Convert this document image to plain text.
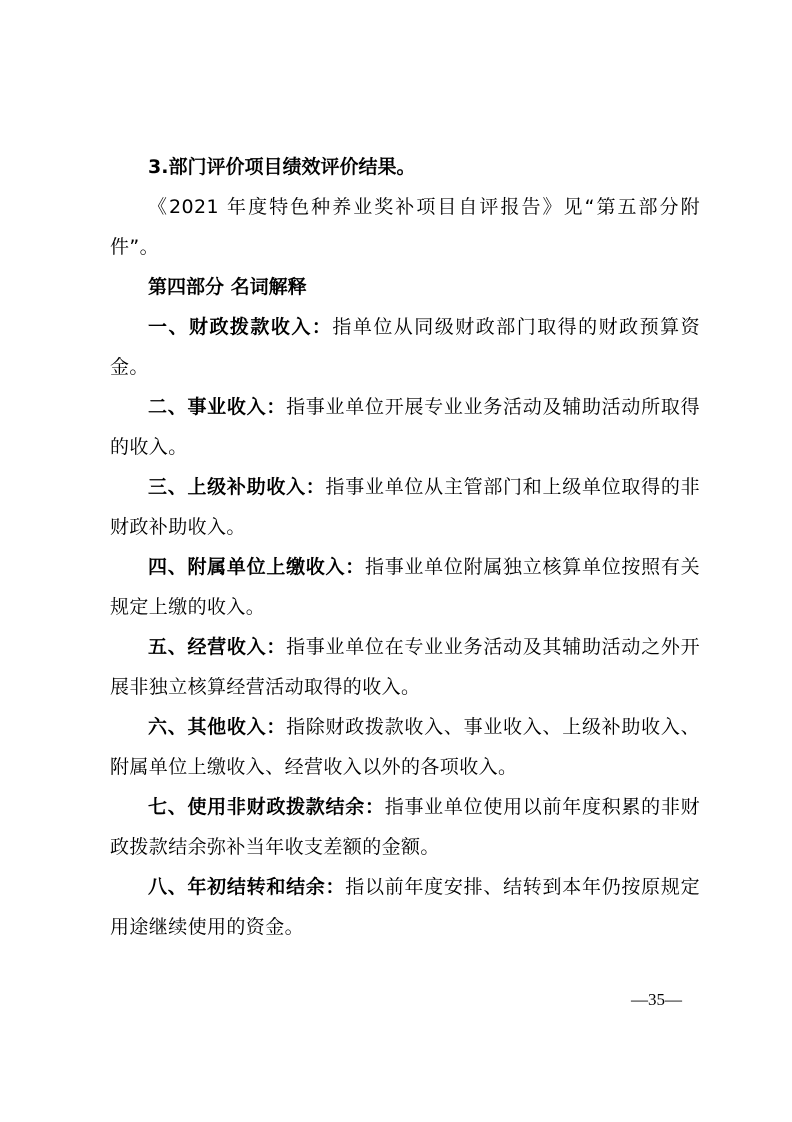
3.部门评价项目绩效评价结果。
《2021 年度特色种养业奖补项目自评报告》见“第五部分附件”。
第四部分 名词解释
一、财政拨款收入：指单位从同级财政部门取得的财政预算资金。
二、事业收入：指事业单位开展专业业务活动及辅助活动所取得的收入。
三、上级补助收入：指事业单位从主管部门和上级单位取得的非财政补助收入。
四、附属单位上缴收入：指事业单位附属独立核算单位按照有关规定上缴的收入。
五、经营收入：指事业单位在专业业务活动及其辅助活动之外开展非独立核算经营活动取得的收入。
六、其他收入：指除财政拨款收入、事业收入、上级补助收入、附属单位上缴收入、经营收入以外的各项收入。
七、使用非财政拨款结余：指事业单位使用以前年度积累的非财政拨款结余弥补当年收支差额的金额。
八、年初结转和结余：指以前年度安排、结转到本年仍按原规定用途继续使用的资金。
—35—
